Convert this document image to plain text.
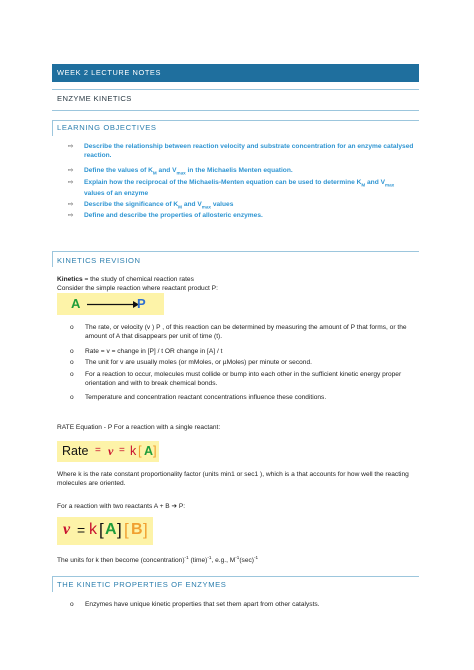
WEEK 2 LECTURE NOTES
ENZYME KINETICS
LEARNING OBJECTIVES
⇨ Describe the relationship between reaction velocity and substrate concentration for an enzyme catalysed reaction.
⇨ Define the values of $K_M$ and $V_{max}$ in the Michaelis Menten equation.
⇨ Explain how the reciprocal of the Michaelis-Menten equation can be used to determine $K_M$ and $V_{max}$ values of an enzyme
⇨ Describe the significance of $K_M$ and $V_{max}$ values
⇨ Define and describe the properties of allosteric enzymes.
KINETICS REVISION
Kinetics = the study of chemical reaction rates
Consider the simple reaction where reactant product P:
A →
P
o The rate, or velocity (v ) P , of this reaction can be determined by measuring the amount of P that forms, or the amount of A that disappears per unit of time (t).
o Rate = v = change in [P] / t OR change in [A] / t
o The unit for v are usually moles (or mMoles, or µMoles) per minute or second.
o For a reaction to occur, molecules must collide or bump into each other in the sufficient kinetic energy proper orientation and with to break chemical bonds.
o Temperature and concentration reactant concentrations influence these conditions.
RATE Equation - P For a reaction with a single reactant:
Rate = v = k [ A ]
Where k is the rate constant proportionality factor (units min1 or sec1 ), which is a that accounts for how well the reacting molecules are oriented.
For a reaction with two reactants A + B ➔ P:
v = k [ A ] [ B ]
The units for k then become (concentration)$^{-1}$ (time)$^{-1}$, e.g., $M^{-1}(\sec)^{-1}$
THE KINETIC PROPERTIES OF ENZYMES
o Enzymes have unique kinetic properties that set them apart from other catalysts.
